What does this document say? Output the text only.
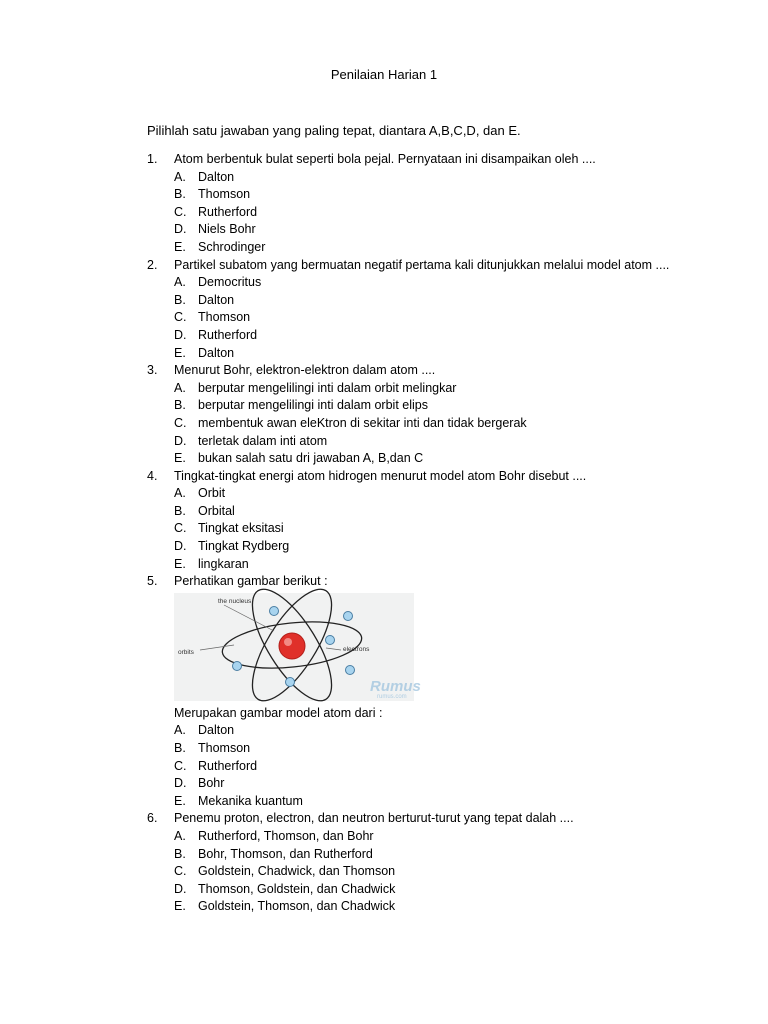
Penilaian Harian 1
Pilihlah satu jawaban yang paling tepat, diantara A,B,C,D, dan E.
1.	Atom berbentuk bulat seperti bola pejal. Pernyataan ini disampaikan oleh ....
A. Dalton
B. Thomson
C. Rutherford
D. Niels Bohr
E. Schrodinger
2.	Partikel subatom yang bermuatan negatif pertama kali ditunjukkan melalui model atom ....
A. Democritus
B. Dalton
C. Thomson
D. Rutherford
E. Dalton
3.	Menurut Bohr, elektron-elektron dalam atom ....
A. berputar mengelilingi inti dalam orbit melingkar
B. berputar mengelilingi inti dalam orbit elips
C. membentuk awan eleKtron di sekitar inti dan tidak bergerak
D. terletak dalam inti atom
E. bukan salah satu dri jawaban A, B,dan C
4.	Tingkat-tingkat energi atom hidrogen menurut model atom Bohr disebut ....
A. Orbit
B. Orbital
C. Tingkat eksitasi
D. Tingkat Rydberg
E. lingkaran
5.	Perhatikan gambar berikut :
the nucleus
orbits	electrons
Rumus
rumus.com
Merupakan gambar model atom dari :
A. Dalton
B. Thomson
C. Rutherford
D. Bohr
E. Mekanika kuantum
6.	Penemu proton, electron, dan neutron berturut-turut yang tepat dalah ....
A. Rutherford, Thomson, dan Bohr
B. Bohr, Thomson, dan Rutherford
C. Goldstein, Chadwick, dan Thomson
D. Thomson, Goldstein, dan Chadwick
E. Goldstein, Thomson, dan Chadwick
